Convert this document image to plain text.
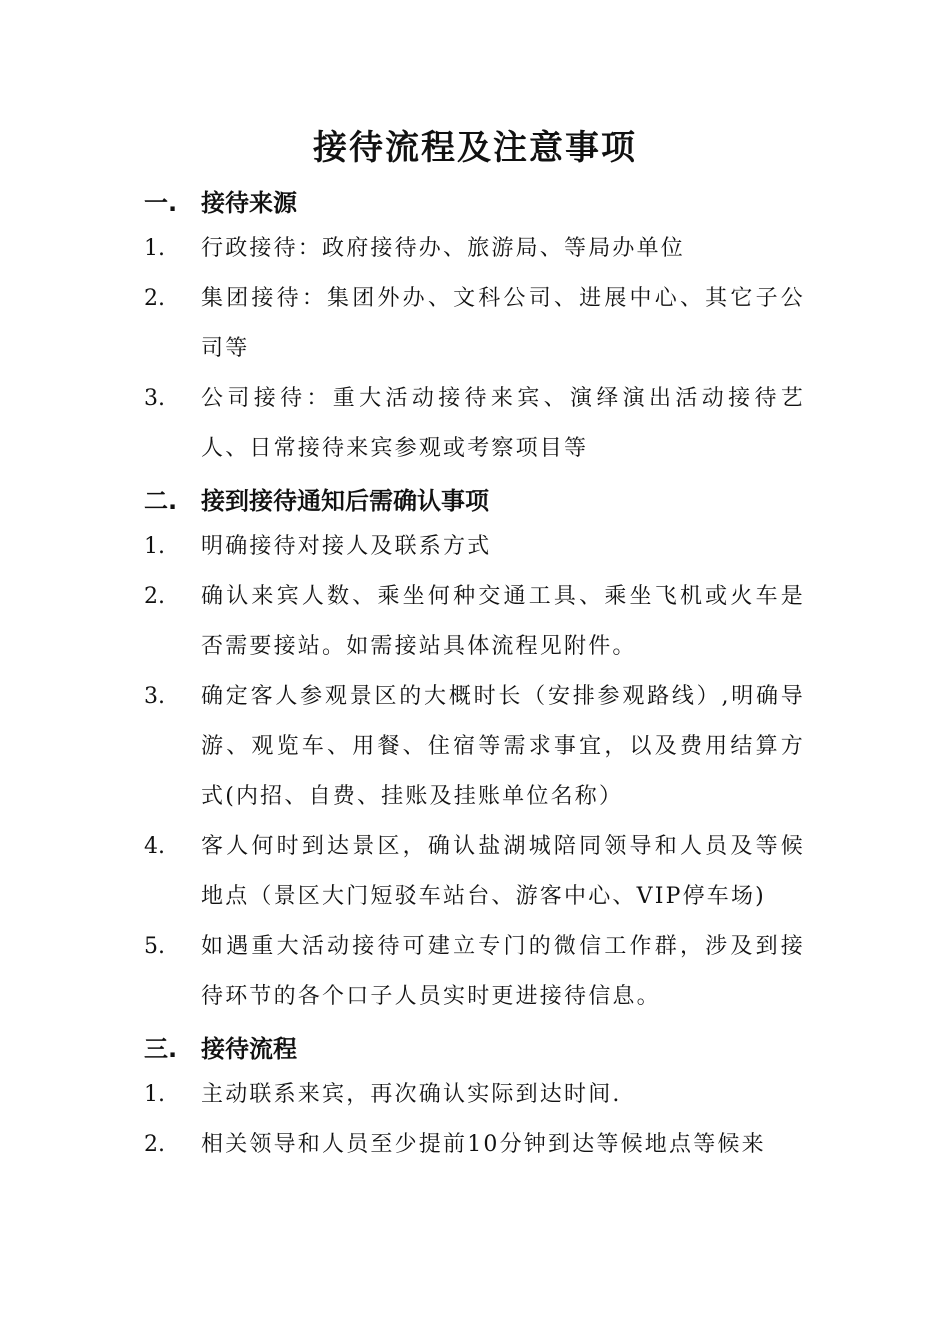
接待流程及注意事项
一. 接待来源
1.	行政接待：政府接待办、旅游局、等局办单位
2.	集团接待：集团外办、文科公司、进展中心、其它子公司等
3.	公司接待：重大活动接待来宾、演绎演出活动接待艺人、日常接待来宾参观或考察项目等
二. 接到接待通知后需确认事项
1.	明确接待对接人及联系方式
2.	确认来宾人数、乘坐何种交通工具、乘坐飞机或火车是否需要接站。如需接站具体流程见附件。
3.	确定客人参观景区的大概时长（安排参观路线）,明确导游、观览车、用餐、住宿等需求事宜，以及费用结算方式(内招、自费、挂账及挂账单位名称）
4.	客人何时到达景区，确认盐湖城陪同领导和人员及等候地点（景区大门短驳车站台、游客中心、VIP停车场)
5.	如遇重大活动接待可建立专门的微信工作群，涉及到接待环节的各个口子人员实时更进接待信息。
三. 接待流程
1.	主动联系来宾，再次确认实际到达时间.
2.	相关领导和人员至少提前10分钟到达等候地点等候来
